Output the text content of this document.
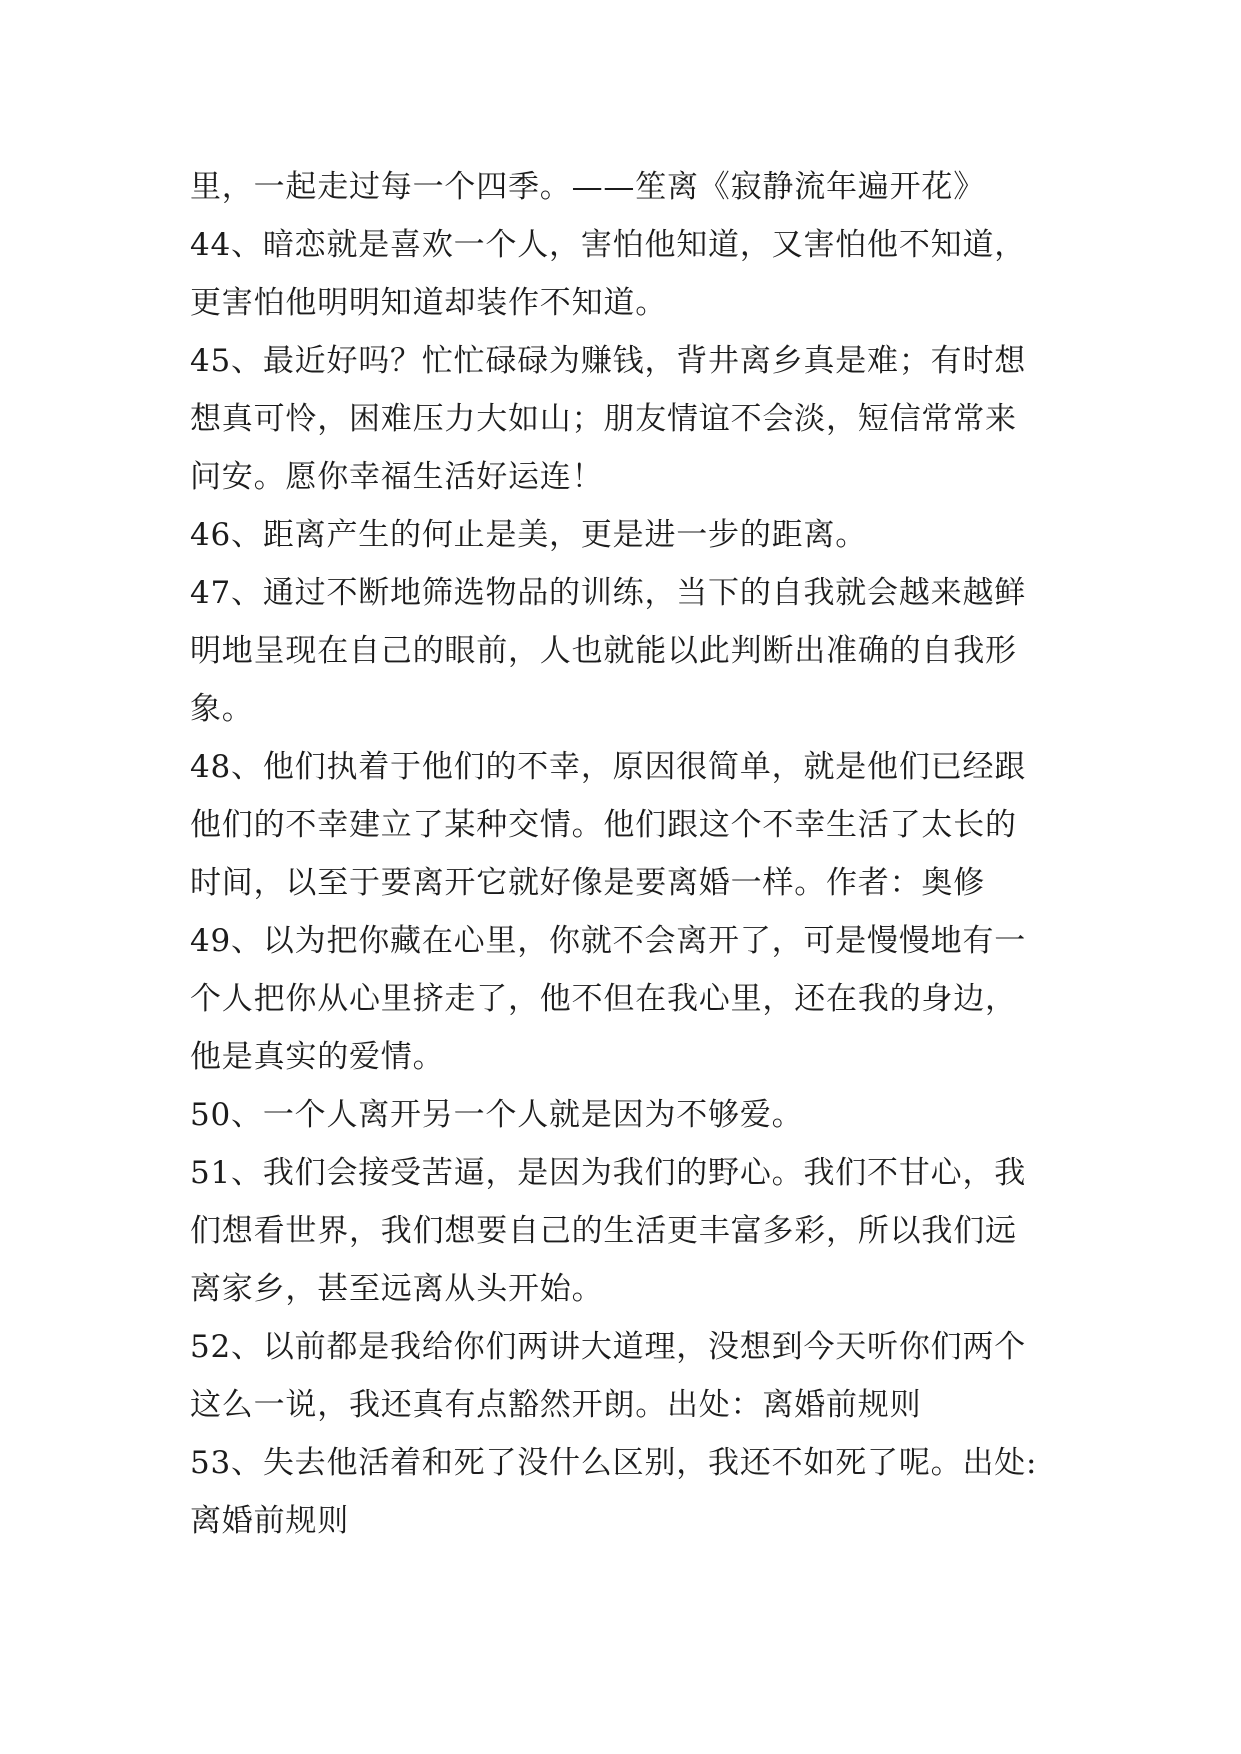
里，一起走过每一个四季。——笙离《寂静流年遍开花》
44、暗恋就是喜欢一个人，害怕他知道，又害怕他不知道，
更害怕他明明知道却装作不知道。
45、最近好吗？忙忙碌碌为赚钱，背井离乡真是难；有时想
想真可怜，困难压力大如山；朋友情谊不会淡，短信常常来
问安。愿你幸福生活好运连！
46、距离产生的何止是美，更是进一步的距离。
47、通过不断地筛选物品的训练，当下的自我就会越来越鲜
明地呈现在自己的眼前，人也就能以此判断出准确的自我形
象。
48、他们执着于他们的不幸，原因很简单，就是他们已经跟
他们的不幸建立了某种交情。他们跟这个不幸生活了太长的
时间，以至于要离开它就好像是要离婚一样。作者：奥修
49、以为把你藏在心里，你就不会离开了，可是慢慢地有一
个人把你从心里挤走了，他不但在我心里，还在我的身边，
他是真实的爱情。
50、一个人离开另一个人就是因为不够爱。
51、我们会接受苦逼，是因为我们的野心。我们不甘心，我
们想看世界，我们想要自己的生活更丰富多彩，所以我们远
离家乡，甚至远离从头开始。
52、以前都是我给你们两讲大道理，没想到今天听你们两个
这么一说，我还真有点豁然开朗。出处：离婚前规则
53、失去他活着和死了没什么区别，我还不如死了呢。出处:
离婚前规则
